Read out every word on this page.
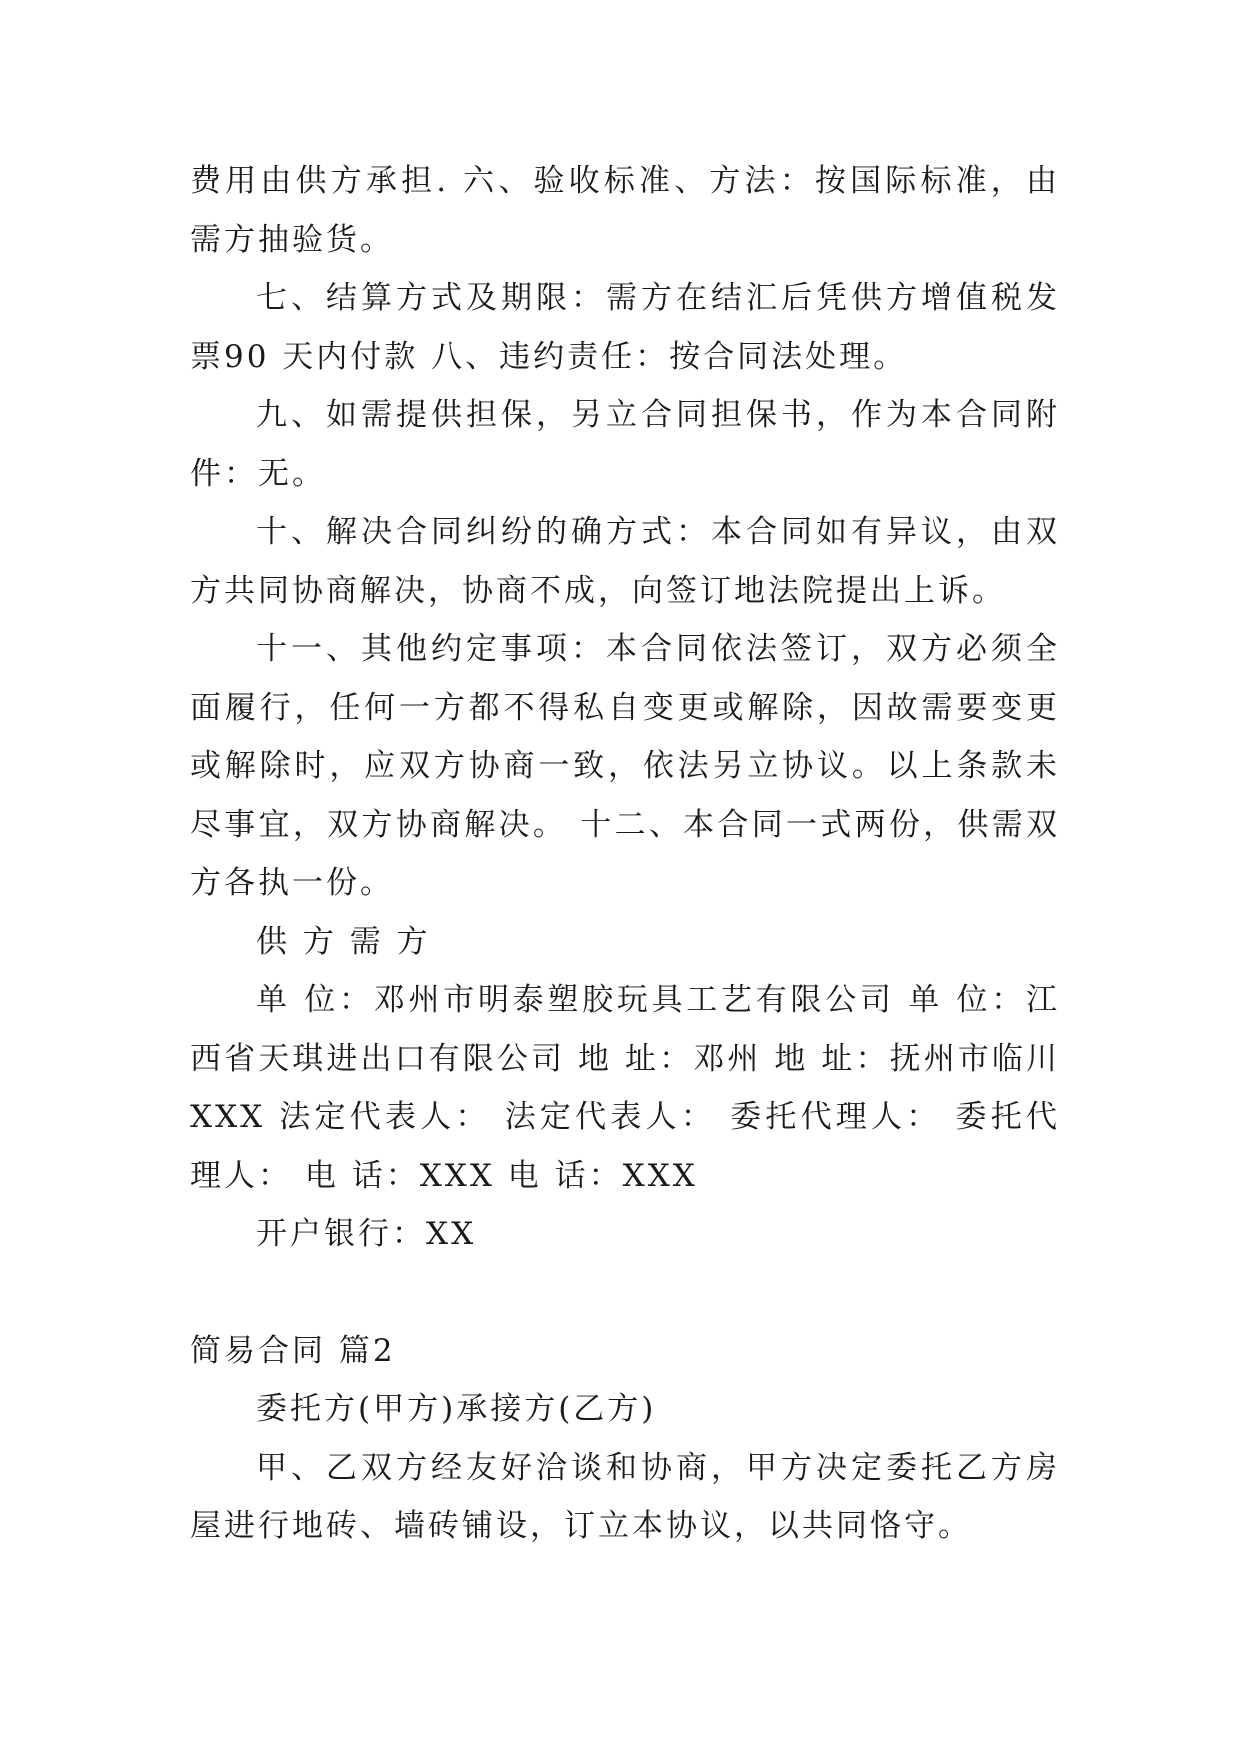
费用由供方承担. 六、验收标准、方法：按国际标准，由需方抽验货。

七、结算方式及期限：需方在结汇后凭供方增值税发票90 天内付款 八、违约责任：按合同法处理。

九、如需提供担保，另立合同担保书，作为本合同附件：无。

十、解决合同纠纷的确方式：本合同如有异议，由双方共同协商解决，协商不成，向签订地法院提出上诉。

十一、其他约定事项：本合同依法签订，双方必须全面履行，任何一方都不得私自变更或解除，因故需要变更或解除时，应双方协商一致，依法另立协议。以上条款未尽事宜，双方协商解决。 十二、本合同一式两份，供需双方各执一份。

供 方 需 方

单 位：邓州市明泰塑胶玩具工艺有限公司 单 位：江西省天琪进出口有限公司 地 址：邓州 地 址：抚州市临川XXX 法定代表人： 法定代表人： 委托代理人： 委托代理人： 电 话：XXX 电 话：XXX

开户银行：XX

简易合同 篇2

委托方(甲方)承接方(乙方)

甲、乙双方经友好洽谈和协商，甲方决定委托乙方房屋进行地砖、墙砖铺设，订立本协议，以共同恪守。
